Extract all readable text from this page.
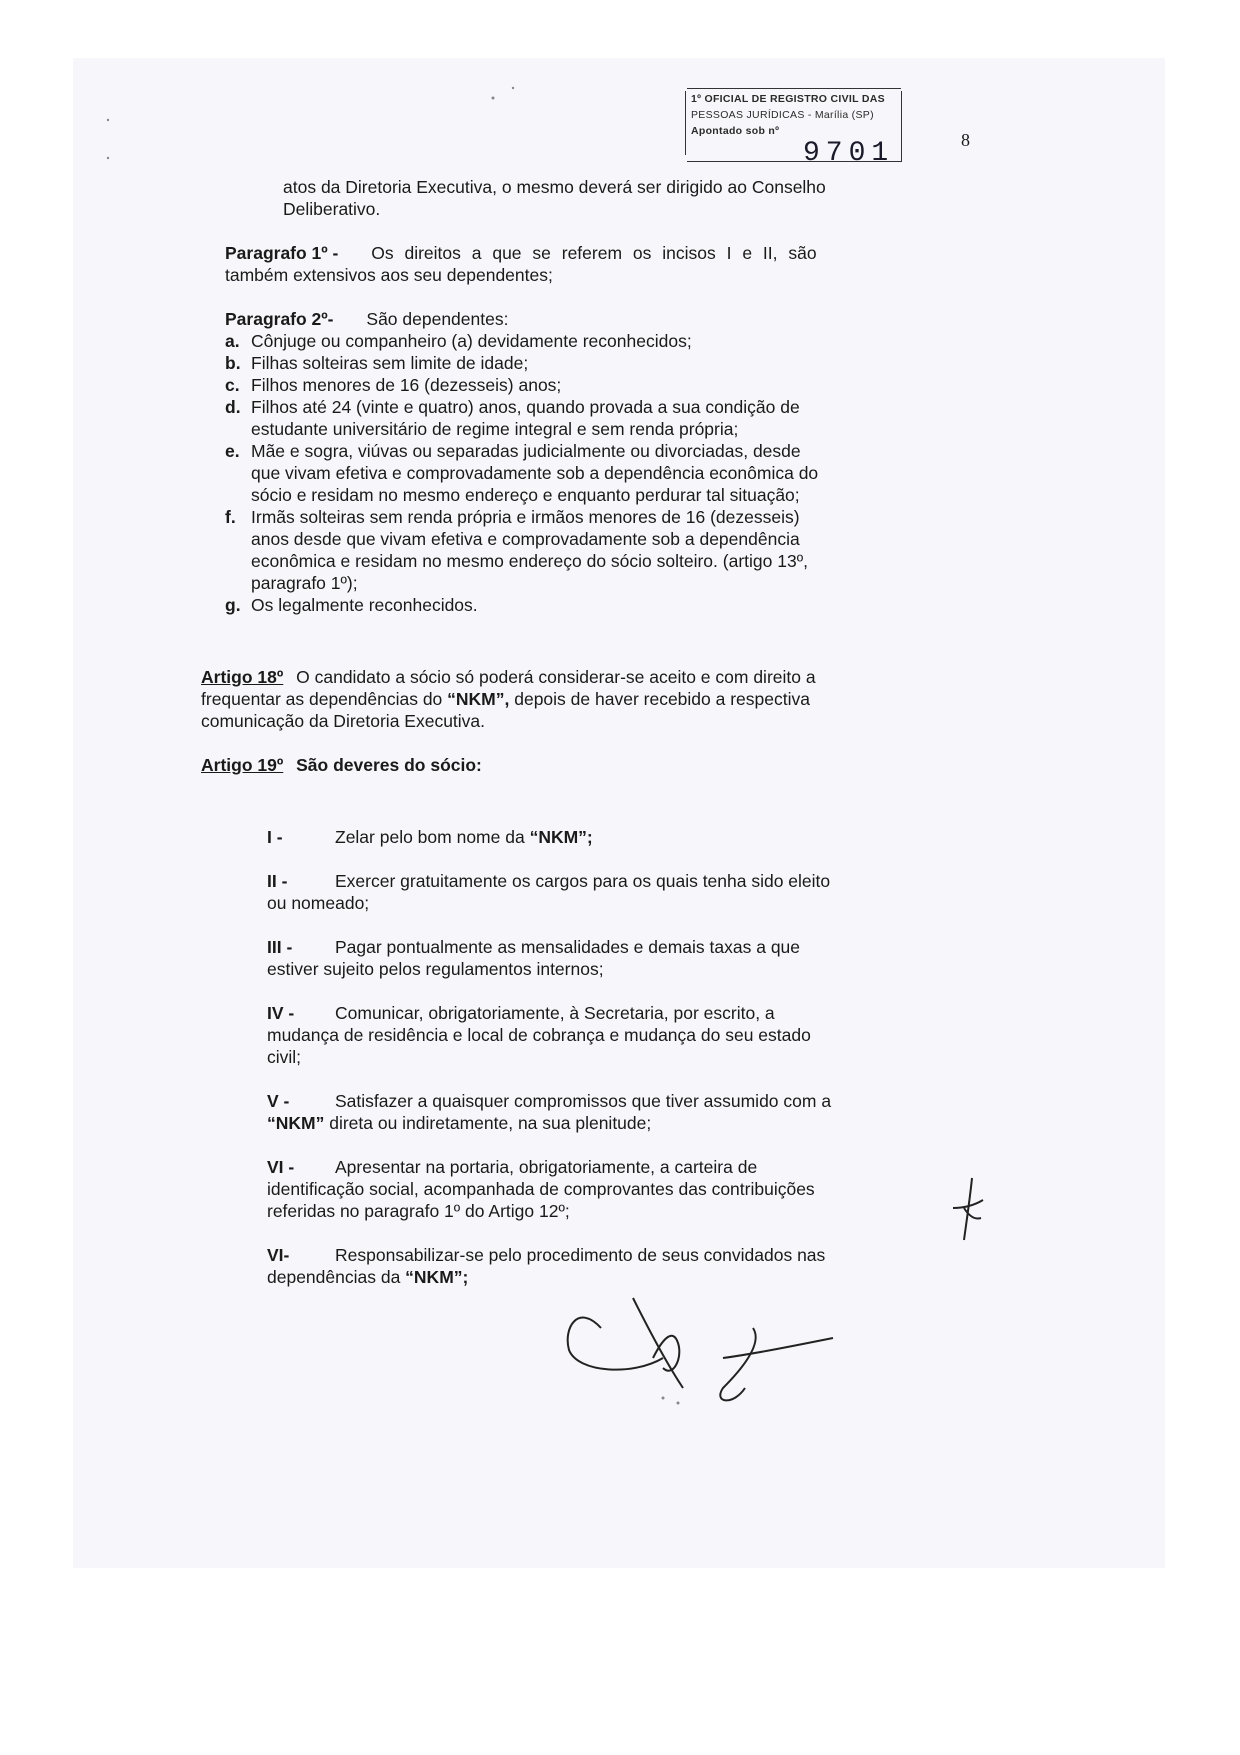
1º OFICIAL DE REGISTRO CIVIL DAS
PESSOAS JURÍDICAS - Marília (SP)
Apontado sob nº
9701	8
atos da Diretoria Executiva, o mesmo deverá ser dirigido ao Conselho
Deliberativo.
Paragrafo 1º - Os direitos a que se referem os incisos I e II, são
também extensivos aos seu dependentes;
Paragrafo 2º- São dependentes:
a. Cônjuge ou companheiro (a) devidamente reconhecidos;
b. Filhas solteiras sem limite de idade;
c. Filhos menores de 16 (dezesseis) anos;
d. Filhos até 24 (vinte e quatro) anos, quando provada a sua condição de
estudante universitário de regime integral e sem renda própria;
e. Mãe e sogra, viúvas ou separadas judicialmente ou divorciadas, desde
que vivam efetiva e comprovadamente sob a dependência econômica do
sócio e residam no mesmo endereço e enquanto perdurar tal situação;
f. Irmãs solteiras sem renda própria e irmãos menores de 16 (dezesseis)
anos desde que vivam efetiva e comprovadamente sob a dependência
econômica e residam no mesmo endereço do sócio solteiro. (artigo 13º,
paragrafo 1º);
g. Os legalmente reconhecidos.
Artigo 18º O candidato a sócio só poderá considerar-se aceito e com direito a
frequentar as dependências do “NKM”, depois de haver recebido a respectiva
comunicação da Diretoria Executiva.
Artigo 19º São deveres do sócio:
I -	Zelar pelo bom nome da “NKM”;
II -	Exercer gratuitamente os cargos para os quais tenha sido eleito
ou nomeado;
III - Pagar pontualmente as mensalidades e demais taxas a que
estiver sujeito pelos regulamentos internos;
IV - Comunicar, obrigatoriamente, à Secretaria, por escrito, a
mudança de residência e local de cobrança e mudança do seu estado
civil;
V -	Satisfazer a quaisquer compromissos que tiver assumido com a
“NKM” direta ou indiretamente, na sua plenitude;
VI - Apresentar na portaria, obrigatoriamente, a carteira de
identificação social, acompanhada de comprovantes das contribuições
referidas no paragrafo 1º do Artigo 12º;
VI-	Responsabilizar-se pelo procedimento de seus convidados nas
dependências da “NKM”;
